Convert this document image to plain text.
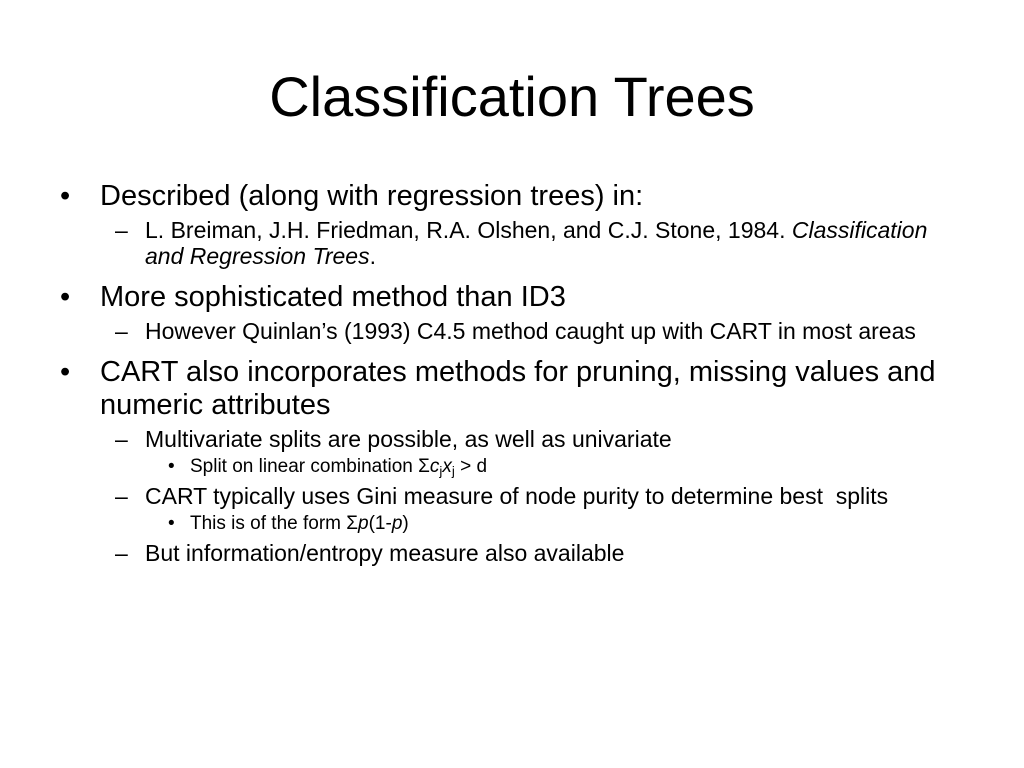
Classification Trees
• Described (along with regression trees) in:
– L. Breiman, J.H. Friedman, R.A. Olshen, and C.J. Stone, 1984. Classification and Regression Trees.
• More sophisticated method than ID3
– However Quinlan’s (1993) C4.5 method caught up with CART in most areas
• CART also incorporates methods for pruning, missing values and numeric attributes
– Multivariate splits are possible, as well as univariate
• Split on linear combination $\Sigma c_jx_j > d$
– CART typically uses Gini measure of node purity to determine best  splits
• This is of the form Σp(1-p)
– But information/entropy measure also available
